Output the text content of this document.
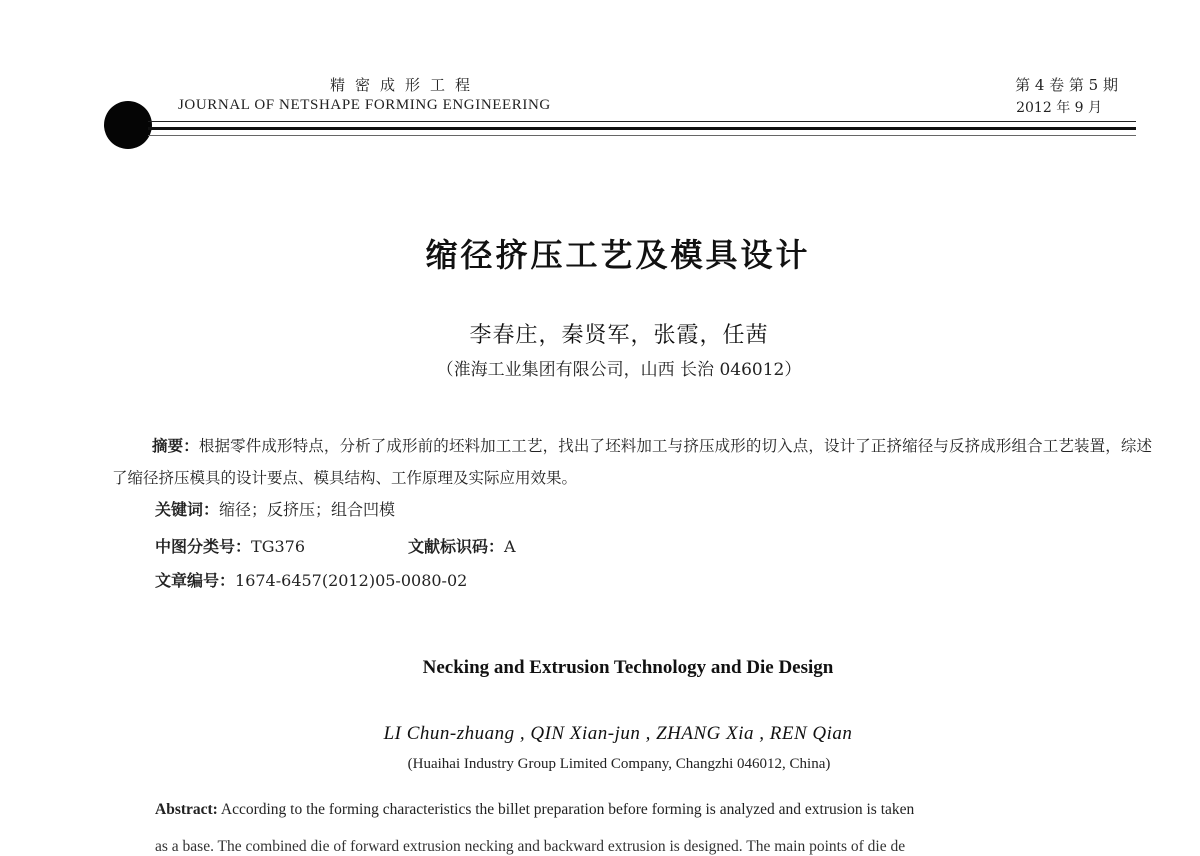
精密成形工程
JOURNAL OF NETSHAPE FORMING ENGINEERING
第 4 卷 第 5 期
2012 年 9 月
缩径挤压工艺及模具设计
李春庄，秦贤军，张霞，任茜
（淮海工业集团有限公司，山西 长治 046012）
摘要：根据零件成形特点，分析了成形前的坯料加工工艺，找出了坯料加工与挤压成形的切入点，设计了正挤缩径与反挤成形组合工艺装置，综述了缩径挤压模具的设计要点、模具结构、工作原理及实际应用效果。
关键词：缩径；反挤压；组合凹模
中图分类号：TG376	文献标识码：A
文章编号：1674-6457(2012)05-0080-02
Necking and Extrusion Technology and Die Design
LI Chun-zhuang , QIN Xian-jun , ZHANG Xia , REN Qian
(Huaihai Industry Group Limited Company, Changzhi 046012, China)
Abstract: According to the forming characteristics the billet preparation before forming is analyzed and extrusion is taken
as a base. The combined die of forward extrusion necking and backward extrusion is designed. The main points of die de
